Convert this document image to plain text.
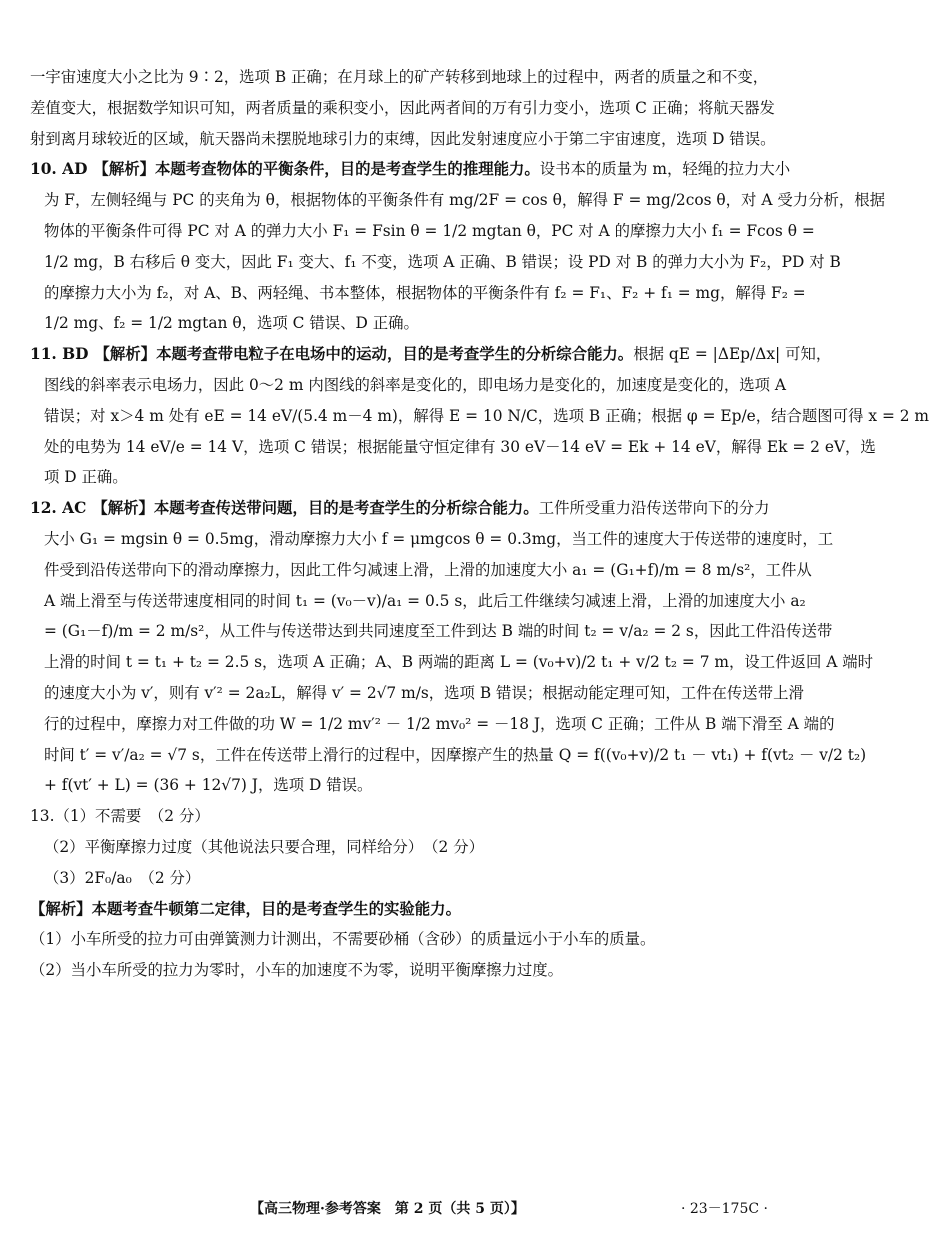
一宇宙速度大小之比为 9∶2，选项 B 正确；在月球上的矿产转移到地球上的过程中，两者的质量之和不变，
差值变大，根据数学知识可知，两者质量的乘积变小，因此两者间的万有引力变小，选项 C 正确；将航天器发
射到离月球较近的区域，航天器尚未摆脱地球引力的束缚，因此发射速度应小于第二宇宙速度，选项 D 错误。
10. AD 【解析】本题考查物体的平衡条件，目的是考查学生的推理能力。设书本的质量为 m，轻绳的拉力大小
为 F，左侧轻绳与 PC 的夹角为 θ，根据物体的平衡条件有 mg/2F = cos θ，解得 F = mg/2cos θ，对 A 受力分析，根据
物体的平衡条件可得 PC 对 A 的弹力大小 F₁ = Fsin θ = 1/2 mgtan θ，PC 对 A 的摩擦力大小 f₁ = Fcos θ =
1/2 mg，B 右移后 θ 变大，因此 F₁ 变大、f₁ 不变，选项 A 正确、B 错误；设 PD 对 B 的弹力大小为 F₂，PD 对 B
的摩擦力大小为 f₂，对 A、B、两轻绳、书本整体，根据物体的平衡条件有 f₂ = F₁、F₂ + f₁ = mg，解得 F₂ =
1/2 mg、f₂ = 1/2 mgtan θ，选项 C 错误、D 正确。
11. BD 【解析】本题考查带电粒子在电场中的运动，目的是考查学生的分析综合能力。根据 qE = |ΔEp/Δx| 可知，
图线的斜率表示电场力，因此 0～2 m 内图线的斜率是变化的，即电场力是变化的，加速度是变化的，选项 A
错误；对 x＞4 m 处有 eE = 14 eV/(5.4 m－4 m)，解得 E = 10 N/C，选项 B 正确；根据 φ = Ep/e，结合题图可得 x = 2 m
处的电势为 14 eV/e = 14 V，选项 C 错误；根据能量守恒定律有 30 eV－14 eV = Ek + 14 eV，解得 Ek = 2 eV，选
项 D 正确。
12. AC 【解析】本题考查传送带问题，目的是考查学生的分析综合能力。工件所受重力沿传送带向下的分力
大小 G₁ = mgsin θ = 0.5mg，滑动摩擦力大小 f = μmgcos θ = 0.3mg，当工件的速度大于传送带的速度时，工
件受到沿传送带向下的滑动摩擦力，因此工件匀减速上滑，上滑的加速度大小 a₁ = (G₁+f)/m = 8 m/s²，工件从
A 端上滑至与传送带速度相同的时间 t₁ = (v₀－v)/a₁ = 0.5 s，此后工件继续匀减速上滑，上滑的加速度大小 a₂
= (G₁－f)/m = 2 m/s²，从工件与传送带达到共同速度至工件到达 B 端的时间 t₂ = v/a₂ = 2 s，因此工件沿传送带
上滑的时间 t = t₁ + t₂ = 2.5 s，选项 A 正确；A、B 两端的距离 L = (v₀+v)/2 t₁ + v/2 t₂ = 7 m，设工件返回 A 端时
的速度大小为 v′，则有 v′² = 2a₂L，解得 v′ = 2√7 m/s，选项 B 错误；根据动能定理可知，工件在传送带上滑
行的过程中，摩擦力对工件做的功 W = 1/2 mv′² － 1/2 mv₀² = －18 J，选项 C 正确；工件从 B 端下滑至 A 端的
时间 t′ = v′/a₂ = √7 s，工件在传送带上滑行的过程中，因摩擦产生的热量 Q = f((v₀+v)/2 t₁ － vt₁) + f(vt₂ － v/2 t₂)
+ f(vt′ + L) = (36 + 12√7) J，选项 D 错误。
13.（1）不需要　（2 分）
（2）平衡摩擦力过度（其他说法只要合理，同样给分）　（2 分）
（3）2F₀/a₀　（2 分）
【解析】本题考查牛顿第二定律，目的是考查学生的实验能力。
（1）小车所受的拉力可由弹簧测力计测出，不需要砂桶（含砂）的质量远小于小车的质量。
（2）当小车所受的拉力为零时，小车的加速度不为零，说明平衡摩擦力过度。
【高三物理·参考答案　第 2 页（共 5 页）】	· 23－175C ·
